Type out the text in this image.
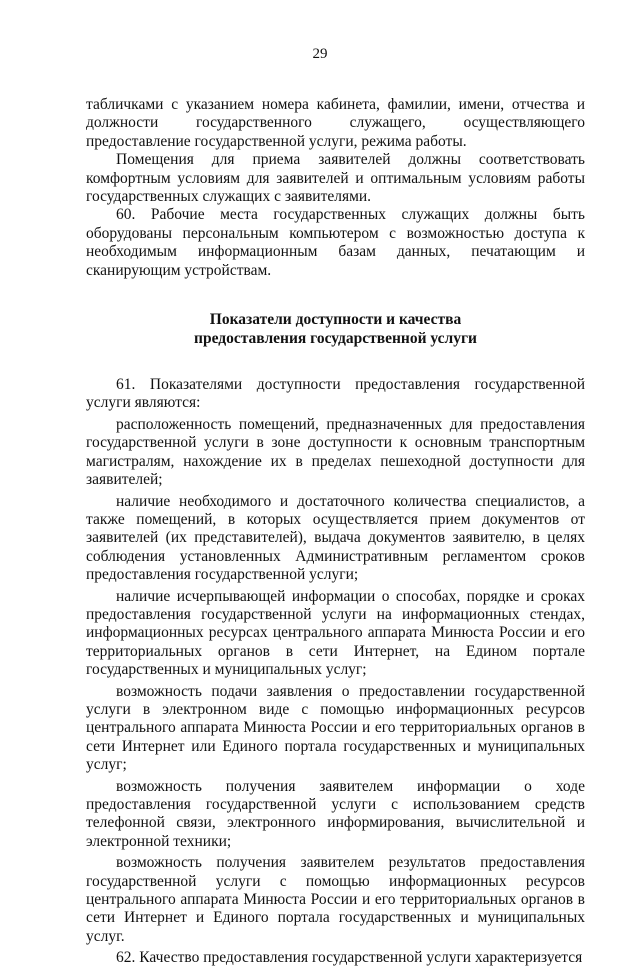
29

табличками с указанием номера кабинета, фамилии, имени, отчества и должности государственного служащего, осуществляющего предоставление государственной услуги, режима работы.

Помещения для приема заявителей должны соответствовать комфортным условиям для заявителей и оптимальным условиям работы государственных служащих с заявителями.

60. Рабочие места государственных служащих должны быть оборудованы персональным компьютером с возможностью доступа к необходимым информационным базам данных, печатающим и сканирующим устройствам.

Показатели доступности и качества
предоставления государственной услуги

61. Показателями доступности предоставления государственной услуги являются:

расположенность помещений, предназначенных для предоставления государственной услуги в зоне доступности к основным транспортным магистралям, нахождение их в пределах пешеходной доступности для заявителей;

наличие необходимого и достаточного количества специалистов, а также помещений, в которых осуществляется прием документов от заявителей (их представителей), выдача документов заявителю, в целях соблюдения установленных Административным регламентом сроков предоставления государственной услуги;

наличие исчерпывающей информации о способах, порядке и сроках предоставления государственной услуги на информационных стендах, информационных ресурсах центрального аппарата Минюста России и его территориальных органов в сети Интернет, на Едином портале государственных и муниципальных услуг;

возможность подачи заявления о предоставлении государственной услуги в электронном виде с помощью информационных ресурсов центрального аппарата Минюста России и его территориальных органов в сети Интернет или Единого портала государственных и муниципальных услуг;

возможность получения заявителем информации о ходе предоставления государственной услуги с использованием средств телефонной связи, электронного информирования, вычислительной и электронной техники;

возможность получения заявителем результатов предоставления государственной услуги с помощью информационных ресурсов центрального аппарата Минюста России и его территориальных органов в сети Интернет и Единого портала государственных и муниципальных услуг.

62. Качество предоставления государственной услуги характеризуется
